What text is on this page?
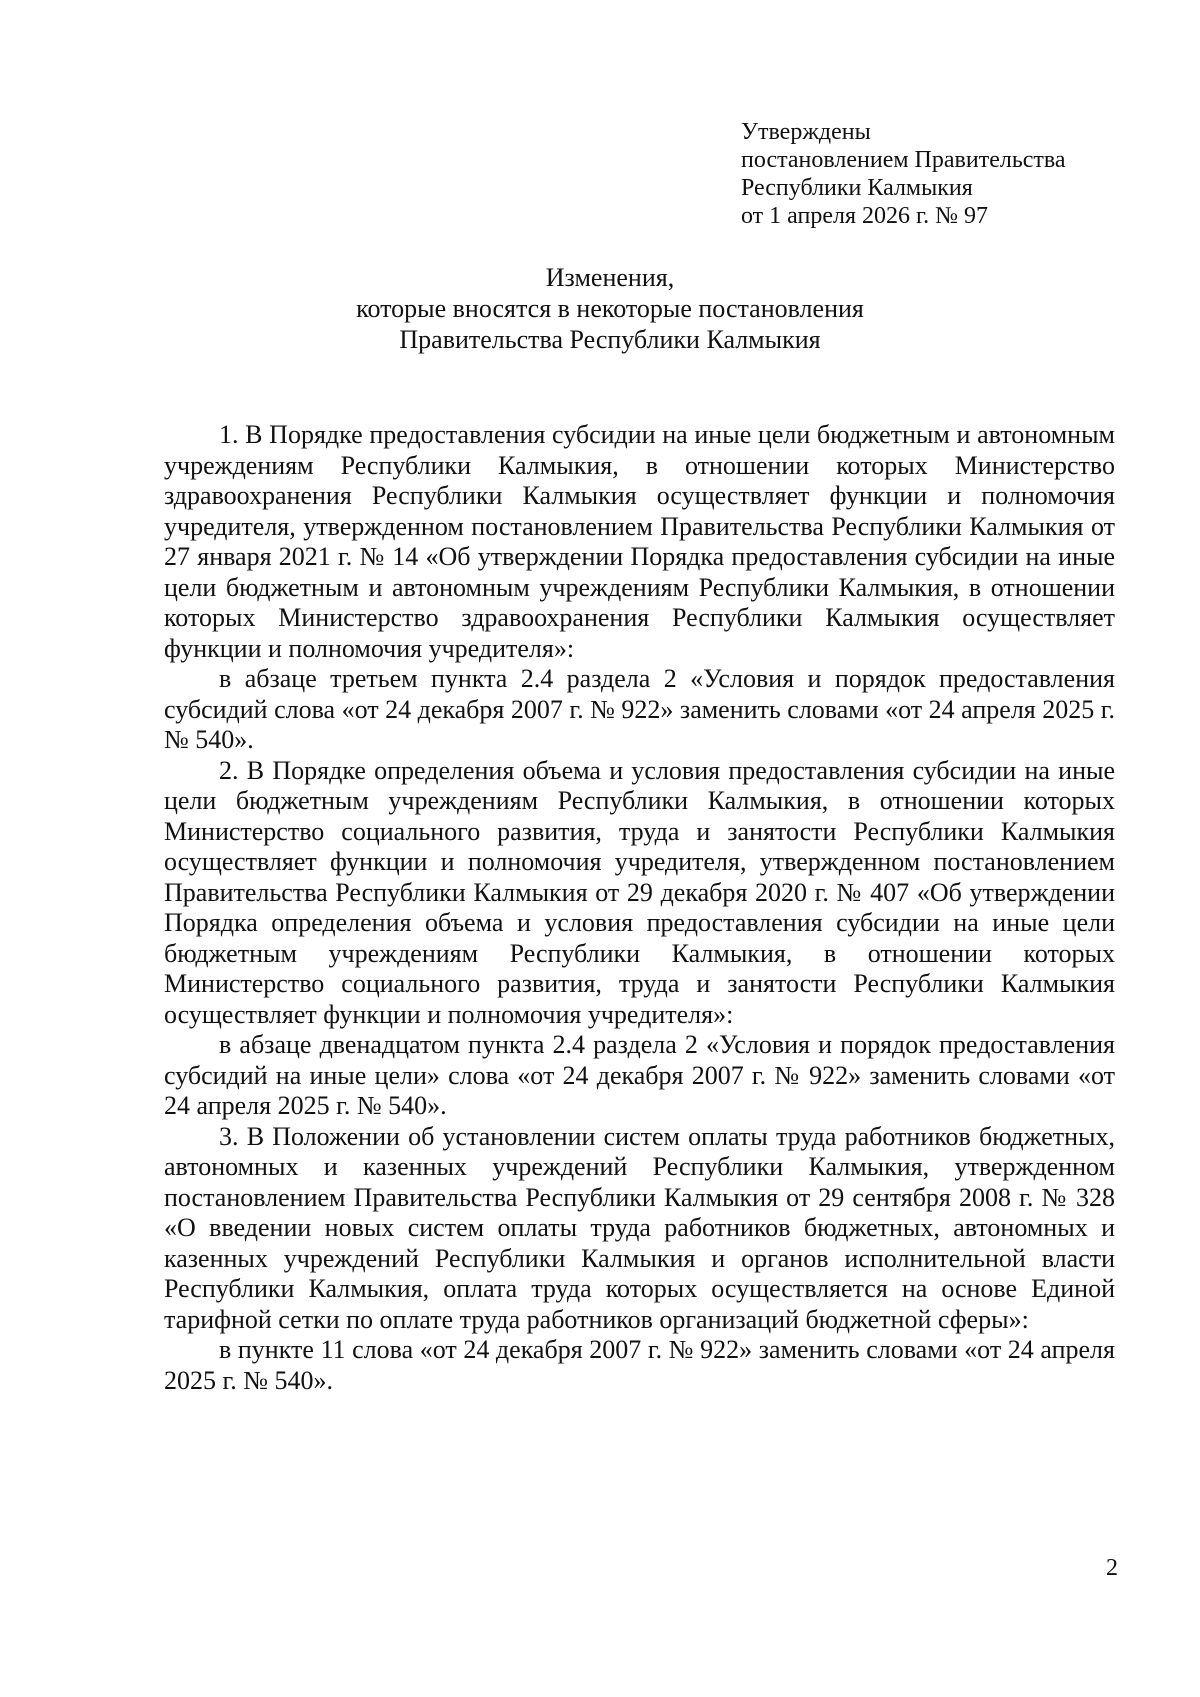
Утверждены
постановлением Правительства
Республики Калмыкия
от 1 апреля 2026 г. № 97
Изменения,
которые вносятся в некоторые постановления
Правительства Республики Калмыкия

1. В Порядке предоставления субсидии на иные цели бюджетным и автономным учреждениям Республики Калмыкия, в отношении которых Министерство здравоохранения Республики Калмыкия осуществляет функции и полномочия учредителя, утвержденном постановлением Правительства Республики Калмыкия от 27 января 2021 г. № 14 «Об утверждении Порядка предоставления субсидии на иные цели бюджетным и автономным учреждениям Республики Калмыкия, в отношении которых Министерство здравоохранения Республики Калмыкия осуществляет функции и полномочия учредителя»:

в абзаце третьем пункта 2.4 раздела 2 «Условия и порядок предоставления субсидий слова «от 24 декабря 2007 г. № 922» заменить словами «от 24 апреля 2025 г. № 540».

2. В Порядке определения объема и условия предоставления субсидии на иные цели бюджетным учреждениям Республики Калмыкия, в отношении которых Министерство социального развития, труда и занятости Республики Калмыкия осуществляет функции и полномочия учредителя, утвержденном постановлением Правительства Республики Калмыкия от 29 декабря 2020 г. № 407 «Об утверждении Порядка определения объема и условия предоставления субсидии на иные цели бюджетным учреждениям Республики Калмыкия, в отношении которых Министерство социального развития, труда и занятости Республики Калмыкия осуществляет функции и полномочия учредителя»:

в абзаце двенадцатом пункта 2.4 раздела 2 «Условия и порядок предоставления субсидий на иные цели» слова «от 24 декабря 2007 г. № 922» заменить словами «от 24 апреля 2025 г. № 540».

3. В Положении об установлении систем оплаты труда работников бюджетных, автономных и казенных учреждений Республики Калмыкия, утвержденном постановлением Правительства Республики Калмыкия от 29 сентября 2008 г. № 328 «О введении новых систем оплаты труда работников бюджетных, автономных и казенных учреждений Республики Калмыкия и органов исполнительной власти Республики Калмыкия, оплата труда которых осуществляется на основе Единой тарифной сетки по оплате труда работников организаций бюджетной сферы»:

в пункте 11 слова «от 24 декабря 2007 г. № 922» заменить словами «от 24 апреля 2025 г. № 540».

2
